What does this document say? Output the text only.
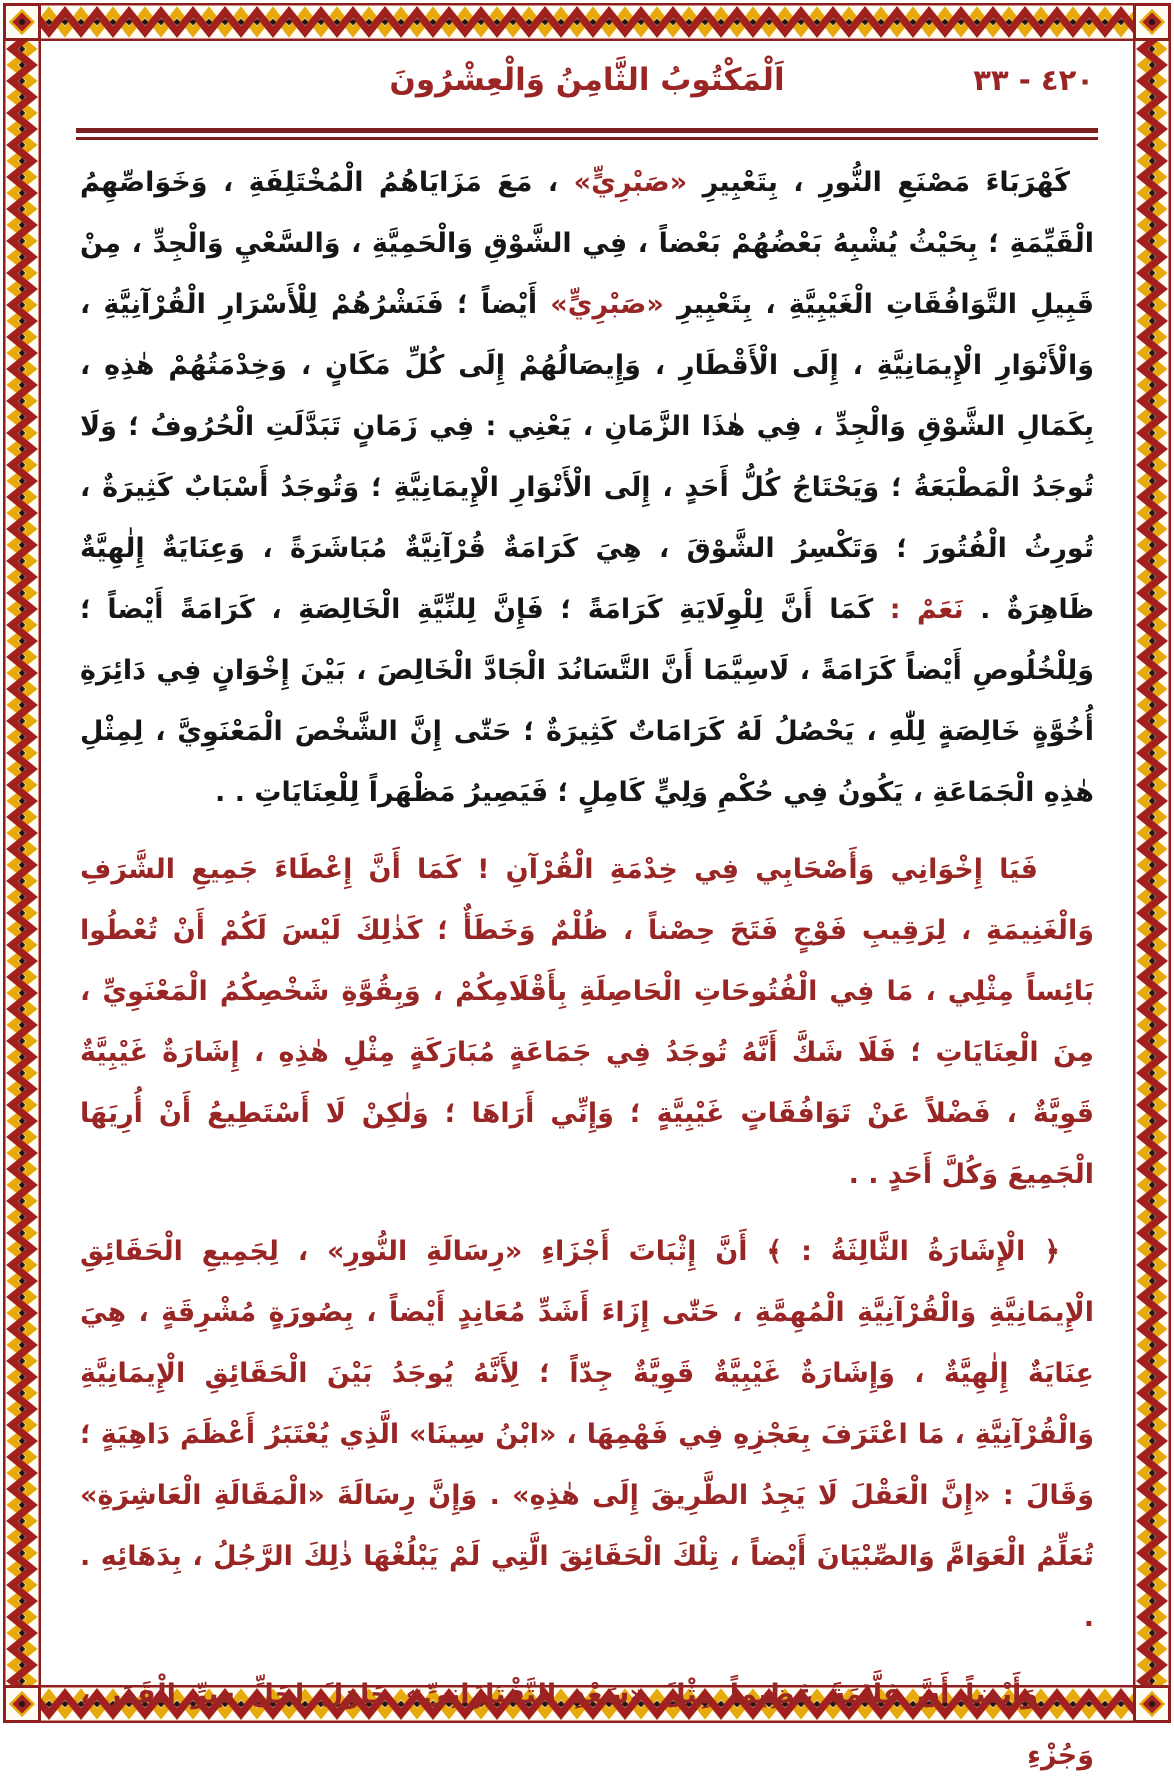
٤٢٠ - ٣٣
اَلْمَكْتُوبُ الثَّامِنُ وَالْعِشْرُونَ

كَهْرَبَاءَ مَصْنَعِ النُّورِ ، بِتَعْبِيرِ «صَبْرِيٍّ» ، مَعَ مَزَايَاهُمُ الْمُخْتَلِفَةِ ، وَخَوَاصِّهِمُ الْقَيِّمَةِ ؛ بِحَيْثُ يُشْبِهُ بَعْضُهُمْ بَعْضاً ، فِي الشَّوْقِ وَالْحَمِيَّةِ ، وَالسَّعْيِ وَالْجِدِّ ، مِنْ قَبِيلِ التَّوَافُقَاتِ الْغَيْبِيَّةِ ، بِتَعْبِيرِ «صَبْرِيٍّ» أَيْضاً ؛ فَنَشْرُهُمْ لِلْأَسْرَارِ الْقُرْآنِيَّةِ ، وَالْأَنْوَارِ الْإِيمَانِيَّةِ ، إِلَى الْأَقْطَارِ ، وَإِيصَالُهُمْ إِلَى كُلِّ مَكَانٍ ، وَخِدْمَتُهُمْ هٰذِهِ ، بِكَمَالِ الشَّوْقِ وَالْجِدِّ ، فِي هٰذَا الزَّمَانِ ، يَعْنِي : فِي زَمَانٍ تَبَدَّلَتِ الْحُرُوفُ ؛ وَلَا تُوجَدُ الْمَطْبَعَةُ ؛ وَيَحْتَاجُ كُلُّ أَحَدٍ ، إِلَى الْأَنْوَارِ الْإِيمَانِيَّةِ ؛ وَتُوجَدُ أَسْبَابٌ كَثِيرَةٌ ، تُورِثُ الْفُتُورَ ؛ وَتَكْسِرُ الشَّوْقَ ، هِيَ كَرَامَةٌ قُرْآنِيَّةٌ مُبَاشَرَةً ، وَعِنَايَةٌ إِلٰهِيَّةٌ ظَاهِرَةٌ . نَعَمْ : كَمَا أَنَّ لِلْوِلَايَةِ كَرَامَةً ؛ فَإِنَّ لِلنِّيَّةِ الْخَالِصَةِ ، كَرَامَةً أَيْضاً ؛ وَلِلْخُلُوصِ أَيْضاً كَرَامَةً ، لَاسِيَّمَا أَنَّ التَّسَانُدَ الْجَادَّ الْخَالِصَ ، بَيْنَ إِخْوَانٍ فِي دَائِرَةِ أُخُوَّةٍ خَالِصَةٍ لِلّٰهِ ، يَحْصُلُ لَهُ كَرَامَاتٌ كَثِيرَةٌ ؛ حَتّٰى إِنَّ الشَّخْصَ الْمَعْنَوِيَّ ، لِمِثْلِ هٰذِهِ الْجَمَاعَةِ ، يَكُونُ فِي حُكْمِ وَلِيٍّ كَامِلٍ ؛ فَيَصِيرُ مَظْهَراً لِلْعِنَايَاتِ . .

فَيَا إِخْوَانِي وَأَصْحَابِي فِي خِدْمَةِ الْقُرْآنِ ! كَمَا أَنَّ إِعْطَاءَ جَمِيعِ الشَّرَفِ وَالْغَنِيمَةِ ، لِرَقِيبِ فَوْجٍ فَتَحَ حِصْناً ، ظُلْمٌ وَخَطَأٌ ؛ كَذٰلِكَ لَيْسَ لَكُمْ أَنْ تُعْطُوا بَائِساً مِثْلِي ، مَا فِي الْفُتُوحَاتِ الْحَاصِلَةِ بِأَقْلَامِكُمْ ، وَبِقُوَّةِ شَخْصِكُمُ الْمَعْنَوِيِّ ، مِنَ الْعِنَايَاتِ ؛ فَلَا شَكَّ أَنَّهُ تُوجَدُ فِي جَمَاعَةٍ مُبَارَكَةٍ مِثْلِ هٰذِهِ ، إِشَارَةٌ غَيْبِيَّةٌ قَوِيَّةٌ ، فَضْلاً عَنْ تَوَافُقَاتٍ غَيْبِيَّةٍ ؛ وَإِنِّي أَرَاهَا ؛ وَلٰكِنْ لَا أَسْتَطِيعُ أَنْ أُرِيَهَا الْجَمِيعَ وَكُلَّ أَحَدٍ . .

﴿ الْإِشَارَةُ الثَّالِثَةُ : ﴾ أَنَّ إِثْبَاتَ أَجْزَاءِ «رِسَالَةِ النُّورِ» ، لِجَمِيعِ الْحَقَائِقِ الْإِيمَانِيَّةِ وَالْقُرْآنِيَّةِ الْمُهِمَّةِ ، حَتّٰى إِزَاءَ أَشَدِّ مُعَانِدٍ أَيْضاً ، بِصُورَةٍ مُشْرِقَةٍ ، هِيَ عِنَايَةٌ إِلٰهِيَّةٌ ، وَإِشَارَةٌ غَيْبِيَّةٌ قَوِيَّةٌ جِدّاً ؛ لِأَنَّهُ يُوجَدُ بَيْنَ الْحَقَائِقِ الْإِيمَانِيَّةِ وَالْقُرْآنِيَّةِ ، مَا اعْتَرَفَ بِعَجْزِهِ فِي فَهْمِهَا ، «ابْنُ سِينَا» الَّذِي يُعْتَبَرُ أَعْظَمَ دَاهِيَةٍ ؛ وَقَالَ : «إِنَّ الْعَقْلَ لَا يَجِدُ الطَّرِيقَ إِلَى هٰذِهِ» . وَإِنَّ رِسَالَةَ «الْمَقَالَةِ الْعَاشِرَةِ» تُعَلِّمُ الْعَوَامَّ وَالصِّبْيَانَ أَيْضاً ، تِلْكَ الْحَقَائِقَ الَّتِي لَمْ يَبْلُغْهَا ذٰلِكَ الرَّجُلُ ، بِدَهَائِهِ . .

وَأَيْضاً أَنَّ عَلَّامَةً عَظِيماً مِثْلَ «سَعْدِ التَّفْتَازَانِيِّ» حَاوَلَ لِحَلِّ سِرِّ الْقَدَرِ ، وَجُزْءِ
